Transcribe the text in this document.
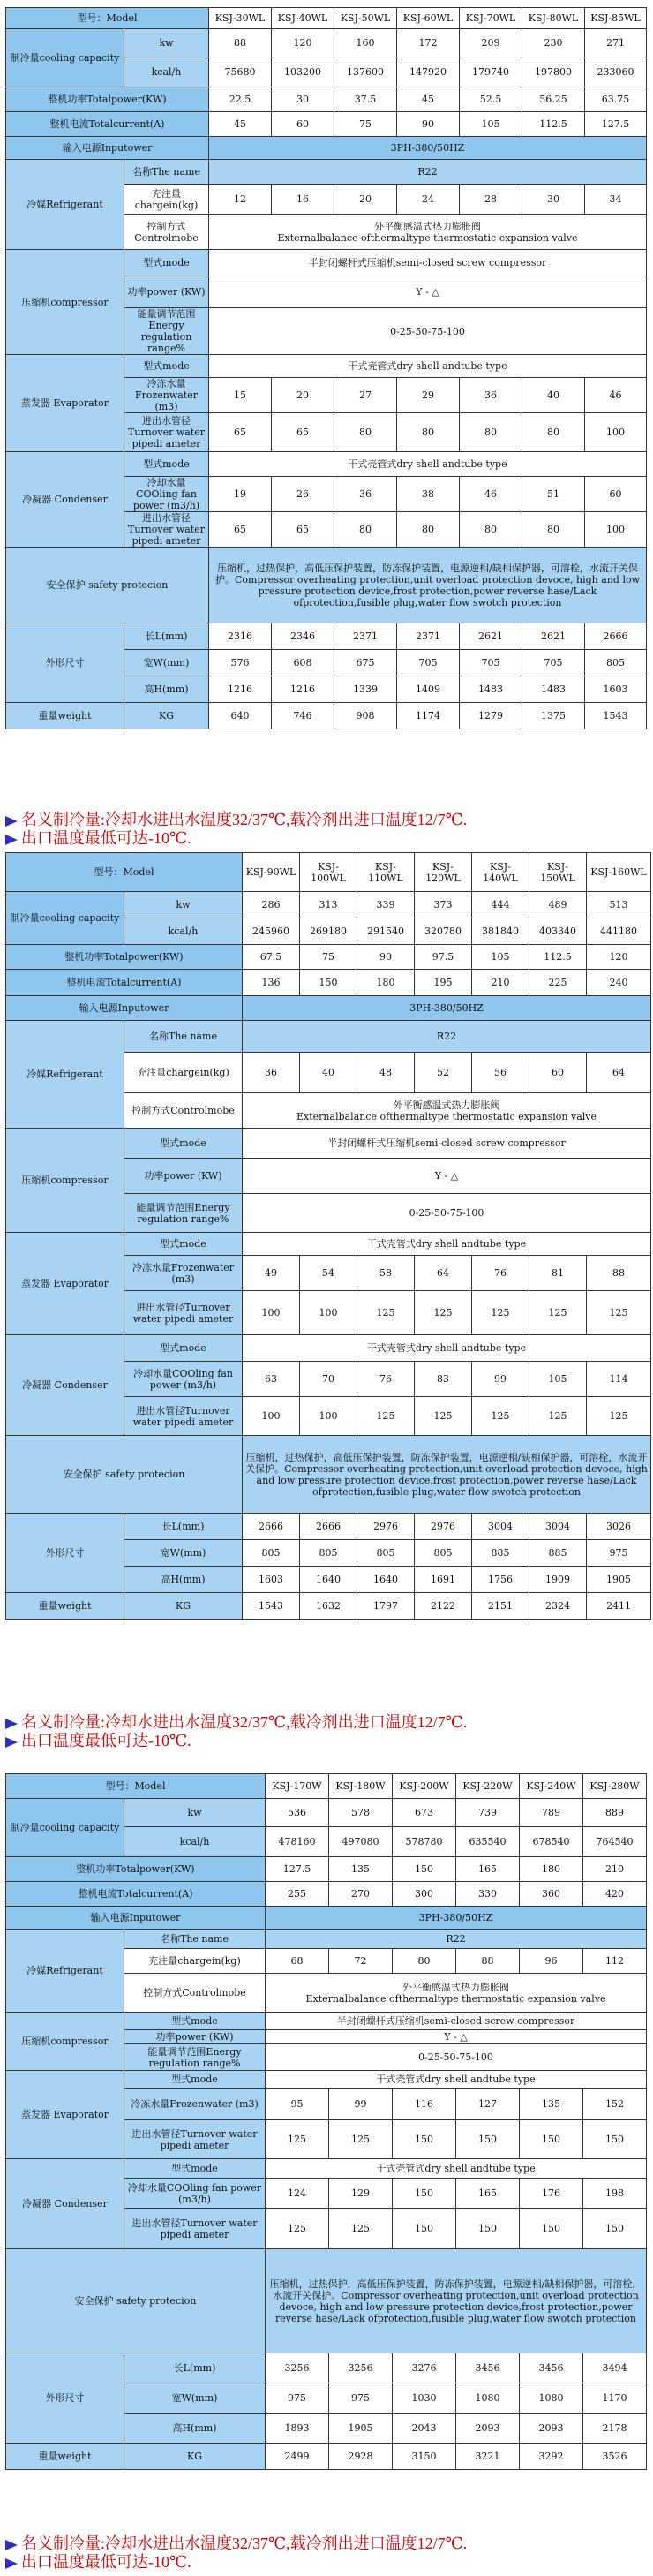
型号：Model		KSJ-30WL	KSJ-40WL	KSJ-50WL	KSJ-60WL	KSJ-70WL	KSJ-80WL	KSJ-85WL
制冷量cooling capacity	kw	88	120	160	172	209	230	271
	kcal/h	75680	103200	137600	147920	179740	197800	233060
整机功率Totalpower(KW)		22.5	30	37.5	45	52.5	56.25	63.75
整机电流Totalcurrent(A)		45	60	75	90	105	112.5	127.5
输入电源Inputower		3PH-380/50HZ						
冷媒Refrigerant	名称The name	R22						
	充注量chargein(kg)	12	16	20	24	28	30	34
	控制方式Controlmobe	外平衡感温式热力膨胀阀
Externalbalance ofthermaltype thermostatic expansion valve						

压缩机compressor	型式mode	半封闭螺杆式压缩机semi-closed screw compressor						
	功率power (KW)	Y - △						
	能量调节范围Energy regulation range%	0-25-50-75-100						
蒸发器 Evaporator	型式mode	干式壳管式dry shell andtube type						
	冷冻水量Frozenwater (m3)	15	20	27	29	36	40	46
	进出水管径Turnover water pipedi ameter	65	65	80	80	80	80	100
冷凝器 Condenser	型式mode	干式壳管式dry shell andtube type						
	冷却水量COOling fan power (m3/h)	19	26	36	38	46	51	60
	进出水管径Turnover water pipedi ameter	65	65	80	80	80	80	100
安全保护 safety protecion		压缩机，过热保护，高低压保护装置，防冻保护装置，电源逆相/缺相保护器，可溶栓，水流开关保护。Compressor overheating protection,unit overload protection devoce, high and low pressure protection device,frost protection,power reverse hase/Lack ofprotection,fusible plug,water flow swotch protection						
外形尺寸	长L(mm)	2316	2346	2371	2371	2621	2621	2666
	宽W(mm)	576	608	675	705	705	705	805
	高H(mm)	1216	1216	1339	1409	1483	1483	1603
重量weight	KG	640	746	908	1174	1279	1375	1543
名义制冷量:冷却水进出水温度32/37℃,载冷剂出进口温度12/7℃.
出口温度最低可达-10℃.
型号：Model		KSJ-90WL	KSJ-100WL	KSJ-110WL	KSJ-120WL	KSJ-140WL	KSJ-150WL	KSJ-160WL
制冷量cooling capacity	kw	286	313	339	373	444	489	513
	kcal/h	245960	269180	291540	320780	381840	403340	441180
整机功率Totalpower(KW)		67.5	75	90	97.5	105	112.5	120
整机电流Totalcurrent(A)		136	150	180	195	210	225	240
输入电源Inputower		3PH-380/50HZ						
冷媒Refrigerant	名称The name	R22						
	充注量chargein(kg)	36	40	48	52	56	60	64
	控制方式Controlmobe	外平衡感温式热力膨胀阀
Externalbalance ofthermaltype thermostatic expansion valve						

压缩机compressor	型式mode	半封闭螺杆式压缩机semi-closed screw compressor						
	功率power (KW)	Y - △						
	能量调节范围Energy regulation range%	0-25-50-75-100						
蒸发器 Evaporator	型式mode	干式壳管式dry shell andtube type						
	冷冻水量Frozenwater (m3)	49	54	58	64	76	81	88
	进出水管径Turnover water pipedi ameter	100	100	125	125	125	125	125
冷凝器 Condenser	型式mode	干式壳管式dry shell andtube type						
	冷却水量COOling fan power (m3/h)	63	70	76	83	99	105	114
	进出水管径Turnover water pipedi ameter	100	100	125	125	125	125	125
安全保护 safety protecion		压缩机，过热保护，高低压保护装置，防冻保护装置，电源逆相/缺相保护器，可溶栓，水流开关保护。Compressor overheating protection,unit overload protection devoce, high and low pressure protection device,frost protection,power reverse hase/Lack ofprotection,fusible plug,water flow swotch protection						
外形尺寸	长L(mm)	2666	2666	2976	2976	3004	3004	3026
	宽W(mm)	805	805	805	805	885	885	975
	高H(mm)	1603	1640	1640	1691	1756	1909	1905
重量weight	KG	1543	1632	1797	2122	2151	2324	2411
名义制冷量:冷却水进出水温度32/37℃,载冷剂出进口温度12/7℃.
出口温度最低可达-10℃.
型号：Model		KSJ-170W	KSJ-180W	KSJ-200W	KSJ-220W	KSJ-240W	KSJ-280W
制冷量cooling capacity	kw	536	578	673	739	789	889
	kcal/h	478160	497080	578780	635540	678540	764540
整机功率Totalpower(KW)		127.5	135	150	165	180	210
整机电流Totalcurrent(A)		255	270	300	330	360	420
输入电源Inputower		3PH-380/50HZ					
冷媒Refrigerant	名称The name	R22					
	充注量chargein(kg)	68	72	80	88	96	112
	控制方式Controlmobe	外平衡感温式热力膨胀阀
Externalbalance ofthermaltype thermostatic expansion valve					

压缩机compressor	型式mode	半封闭螺杆式压缩机semi-closed screw compressor					
	功率power (KW)	Y - △					
	能量调节范围Energy regulation range%	0-25-50-75-100					
蒸发器 Evaporator	型式mode	干式壳管式dry shell andtube type					
	冷冻水量Frozenwater (m3)	95	99	116	127	135	152
	进出水管径Turnover water pipedi ameter	125	125	150	150	150	150
冷凝器 Condenser	型式mode	干式壳管式dry shell andtube type					
	冷却水量COOling fan power (m3/h)	124	129	150	165	176	198
	进出水管径Turnover water pipedi ameter	125	125	150	150	150	150
安全保护 safety protecion		压缩机，过热保护，高低压保护装置，防冻保护装置，电源逆相/缺相保护器，可溶栓，水流开关保护。Compressor overheating protection,unit overload protection devoce, high and low pressure protection device,frost protection,power reverse hase/Lack ofprotection,fusible plug,water flow swotch protection					
外形尺寸	长L(mm)	3256	3256	3276	3456	3456	3494
	宽W(mm)	975	975	1030	1080	1080	1170
	高H(mm)	1893	1905	2043	2093	2093	2178
重量weight	KG	2499	2928	3150	3221	3292	3526
名义制冷量:冷却水进出水温度32/37℃,载冷剂出进口温度12/7℃.
出口温度最低可达-10℃.
